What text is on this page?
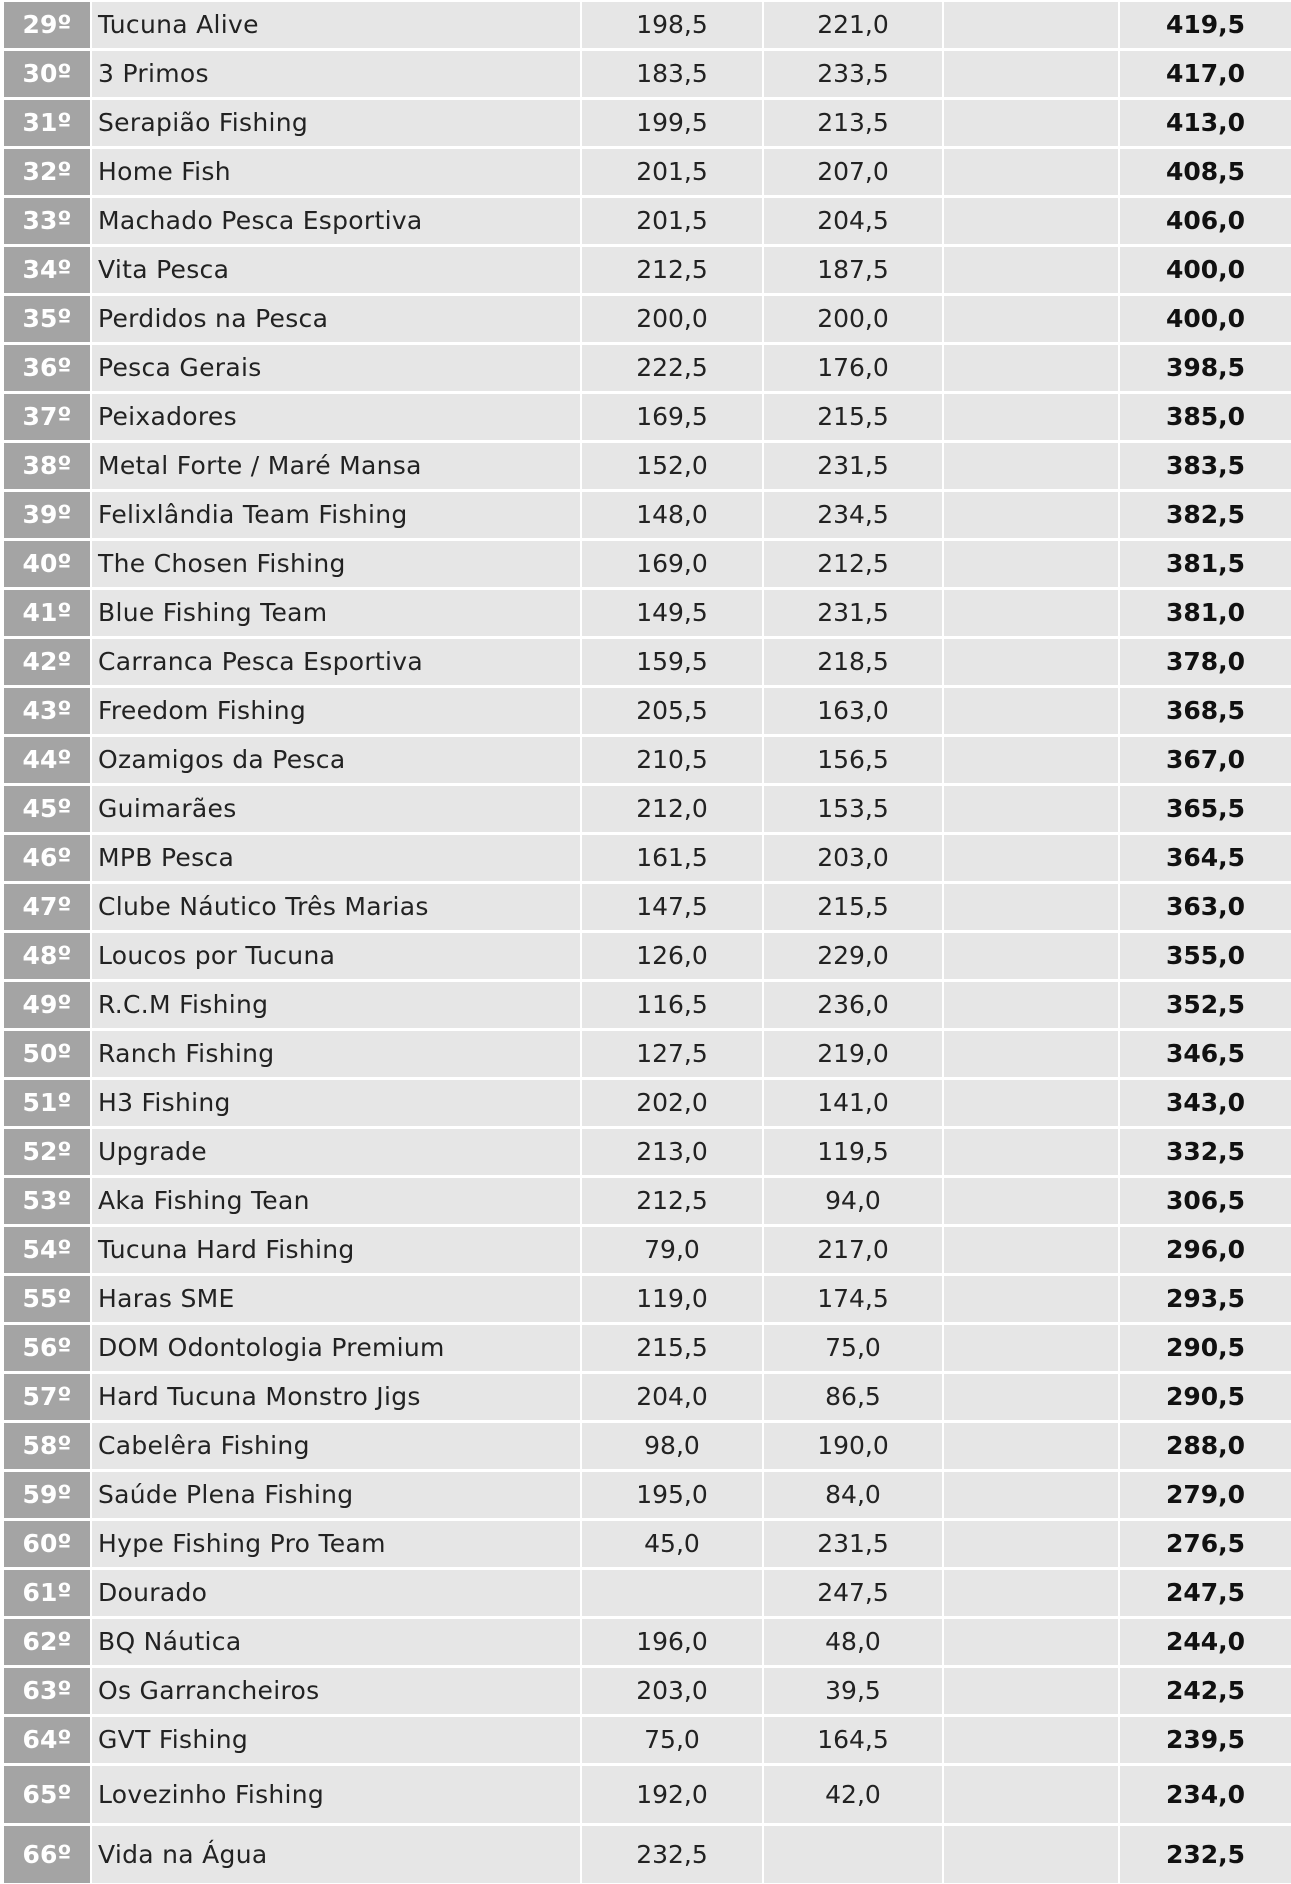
29º	Tucuna Alive	198,5	221,0		419,5
30º	3 Primos	183,5	233,5		417,0
31º	Serapião Fishing	199,5	213,5		413,0
32º	Home Fish	201,5	207,0		408,5
33º	Machado Pesca Esportiva	201,5	204,5		406,0
34º	Vita Pesca	212,5	187,5		400,0
35º	Perdidos na Pesca	200,0	200,0		400,0
36º	Pesca Gerais	222,5	176,0		398,5
37º	Peixadores	169,5	215,5		385,0
38º	Metal Forte / Maré Mansa	152,0	231,5		383,5
39º	Felixlândia Team Fishing	148,0	234,5		382,5
40º	The Chosen Fishing	169,0	212,5		381,5
41º	Blue Fishing Team	149,5	231,5		381,0
42º	Carranca Pesca Esportiva	159,5	218,5		378,0
43º	Freedom Fishing	205,5	163,0		368,5
44º	Ozamigos da Pesca	210,5	156,5		367,0
45º	Guimarães	212,0	153,5		365,5
46º	MPB Pesca	161,5	203,0		364,5
47º	Clube Náutico Três Marias	147,5	215,5		363,0
48º	Loucos por Tucuna	126,0	229,0		355,0
49º	R.C.M Fishing	116,5	236,0		352,5
50º	Ranch Fishing	127,5	219,0		346,5
51º	H3 Fishing	202,0	141,0		343,0
52º	Upgrade	213,0	119,5		332,5
53º	Aka Fishing Tean	212,5	94,0		306,5
54º	Tucuna Hard Fishing	79,0	217,0		296,0
55º	Haras SME	119,0	174,5		293,5
56º	DOM Odontologia Premium	215,5	75,0		290,5
57º	Hard Tucuna Monstro Jigs	204,0	86,5		290,5
58º	Cabelêra Fishing	98,0	190,0		288,0
59º	Saúde Plena Fishing	195,0	84,0		279,0
60º	Hype Fishing Pro Team	45,0	231,5		276,5
61º	Dourado		247,5		247,5
62º	BQ Náutica	196,0	48,0		244,0
63º	Os Garrancheiros	203,0	39,5		242,5
64º	GVT Fishing	75,0	164,5		239,5
65º	Lovezinho Fishing	192,0	42,0		234,0
66º	Vida na Água	232,5			232,5
